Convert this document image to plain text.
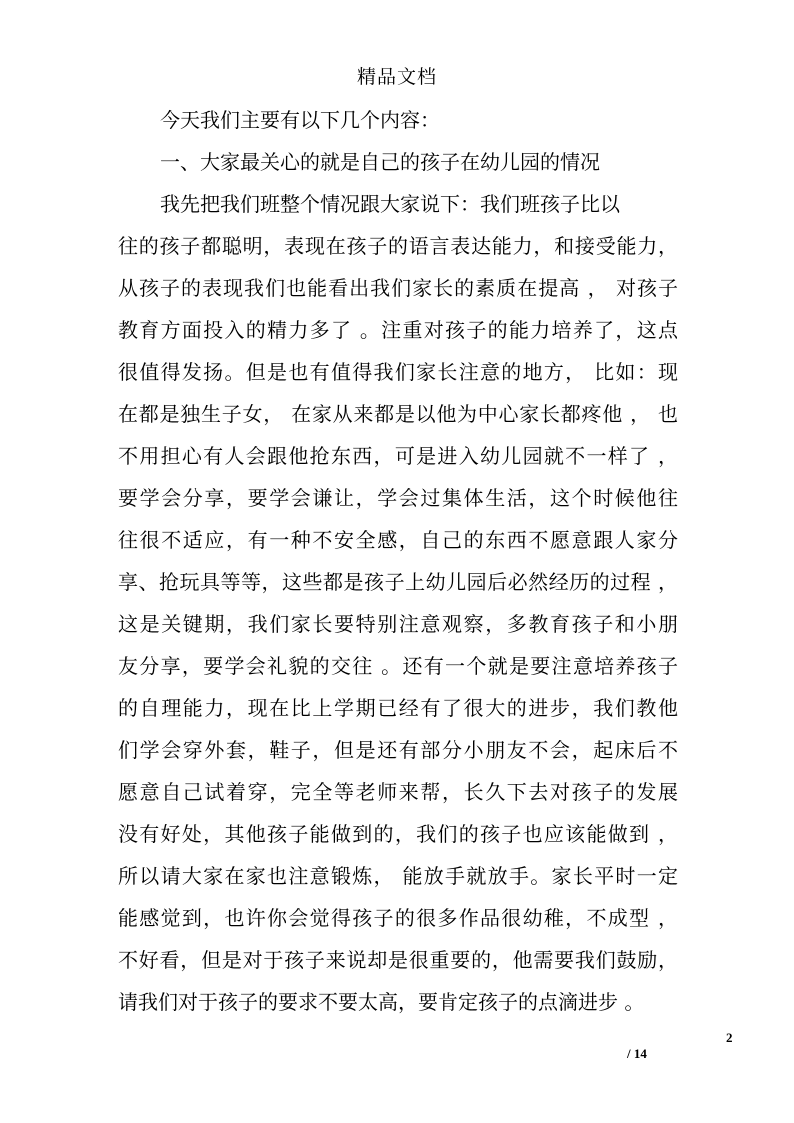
精品文档
今天我们主要有以下几个内容：
一、大家最关心的就是自己的孩子在幼儿园的情况
我先把我们班整个情况跟大家说下：我们班孩子比以
往的孩子都聪明，表现在孩子的语言表达能力，和接受能力，
从孩子的表现我们也能看出我们家长的素质在提高 ， 对孩子
教育方面投入的精力多了 。注重对孩子的能力培养了，这点
很值得发扬。但是也有值得我们家长注意的地方， 比如：现
在都是独生子女， 在家从来都是以他为中心家长都疼他 ， 也
不用担心有人会跟他抢东西，可是进入幼儿园就不一样了 ，
要学会分享，要学会谦让，学会过集体生活，这个时候他往
往很不适应，有一种不安全感，自己的东西不愿意跟人家分
享、抢玩具等等，这些都是孩子上幼儿园后必然经历的过程 ，
这是关键期，我们家长要特别注意观察，多教育孩子和小朋
友分享，要学会礼貌的交往 。还有一个就是要注意培养孩子
的自理能力，现在比上学期已经有了很大的进步，我们教他
们学会穿外套，鞋子，但是还有部分小朋友不会，起床后不
愿意自己试着穿，完全等老师来帮，长久下去对孩子的发展
没有好处，其他孩子能做到的，我们的孩子也应该能做到 ，
所以请大家在家也注意锻炼， 能放手就放手。家长平时一定
能感觉到，也许你会觉得孩子的很多作品很幼稚，不成型 ，
不好看，但是对于孩子来说却是很重要的，他需要我们鼓励，
请我们对于孩子的要求不要太高，要肯定孩子的点滴进步 。
2
/ 14
